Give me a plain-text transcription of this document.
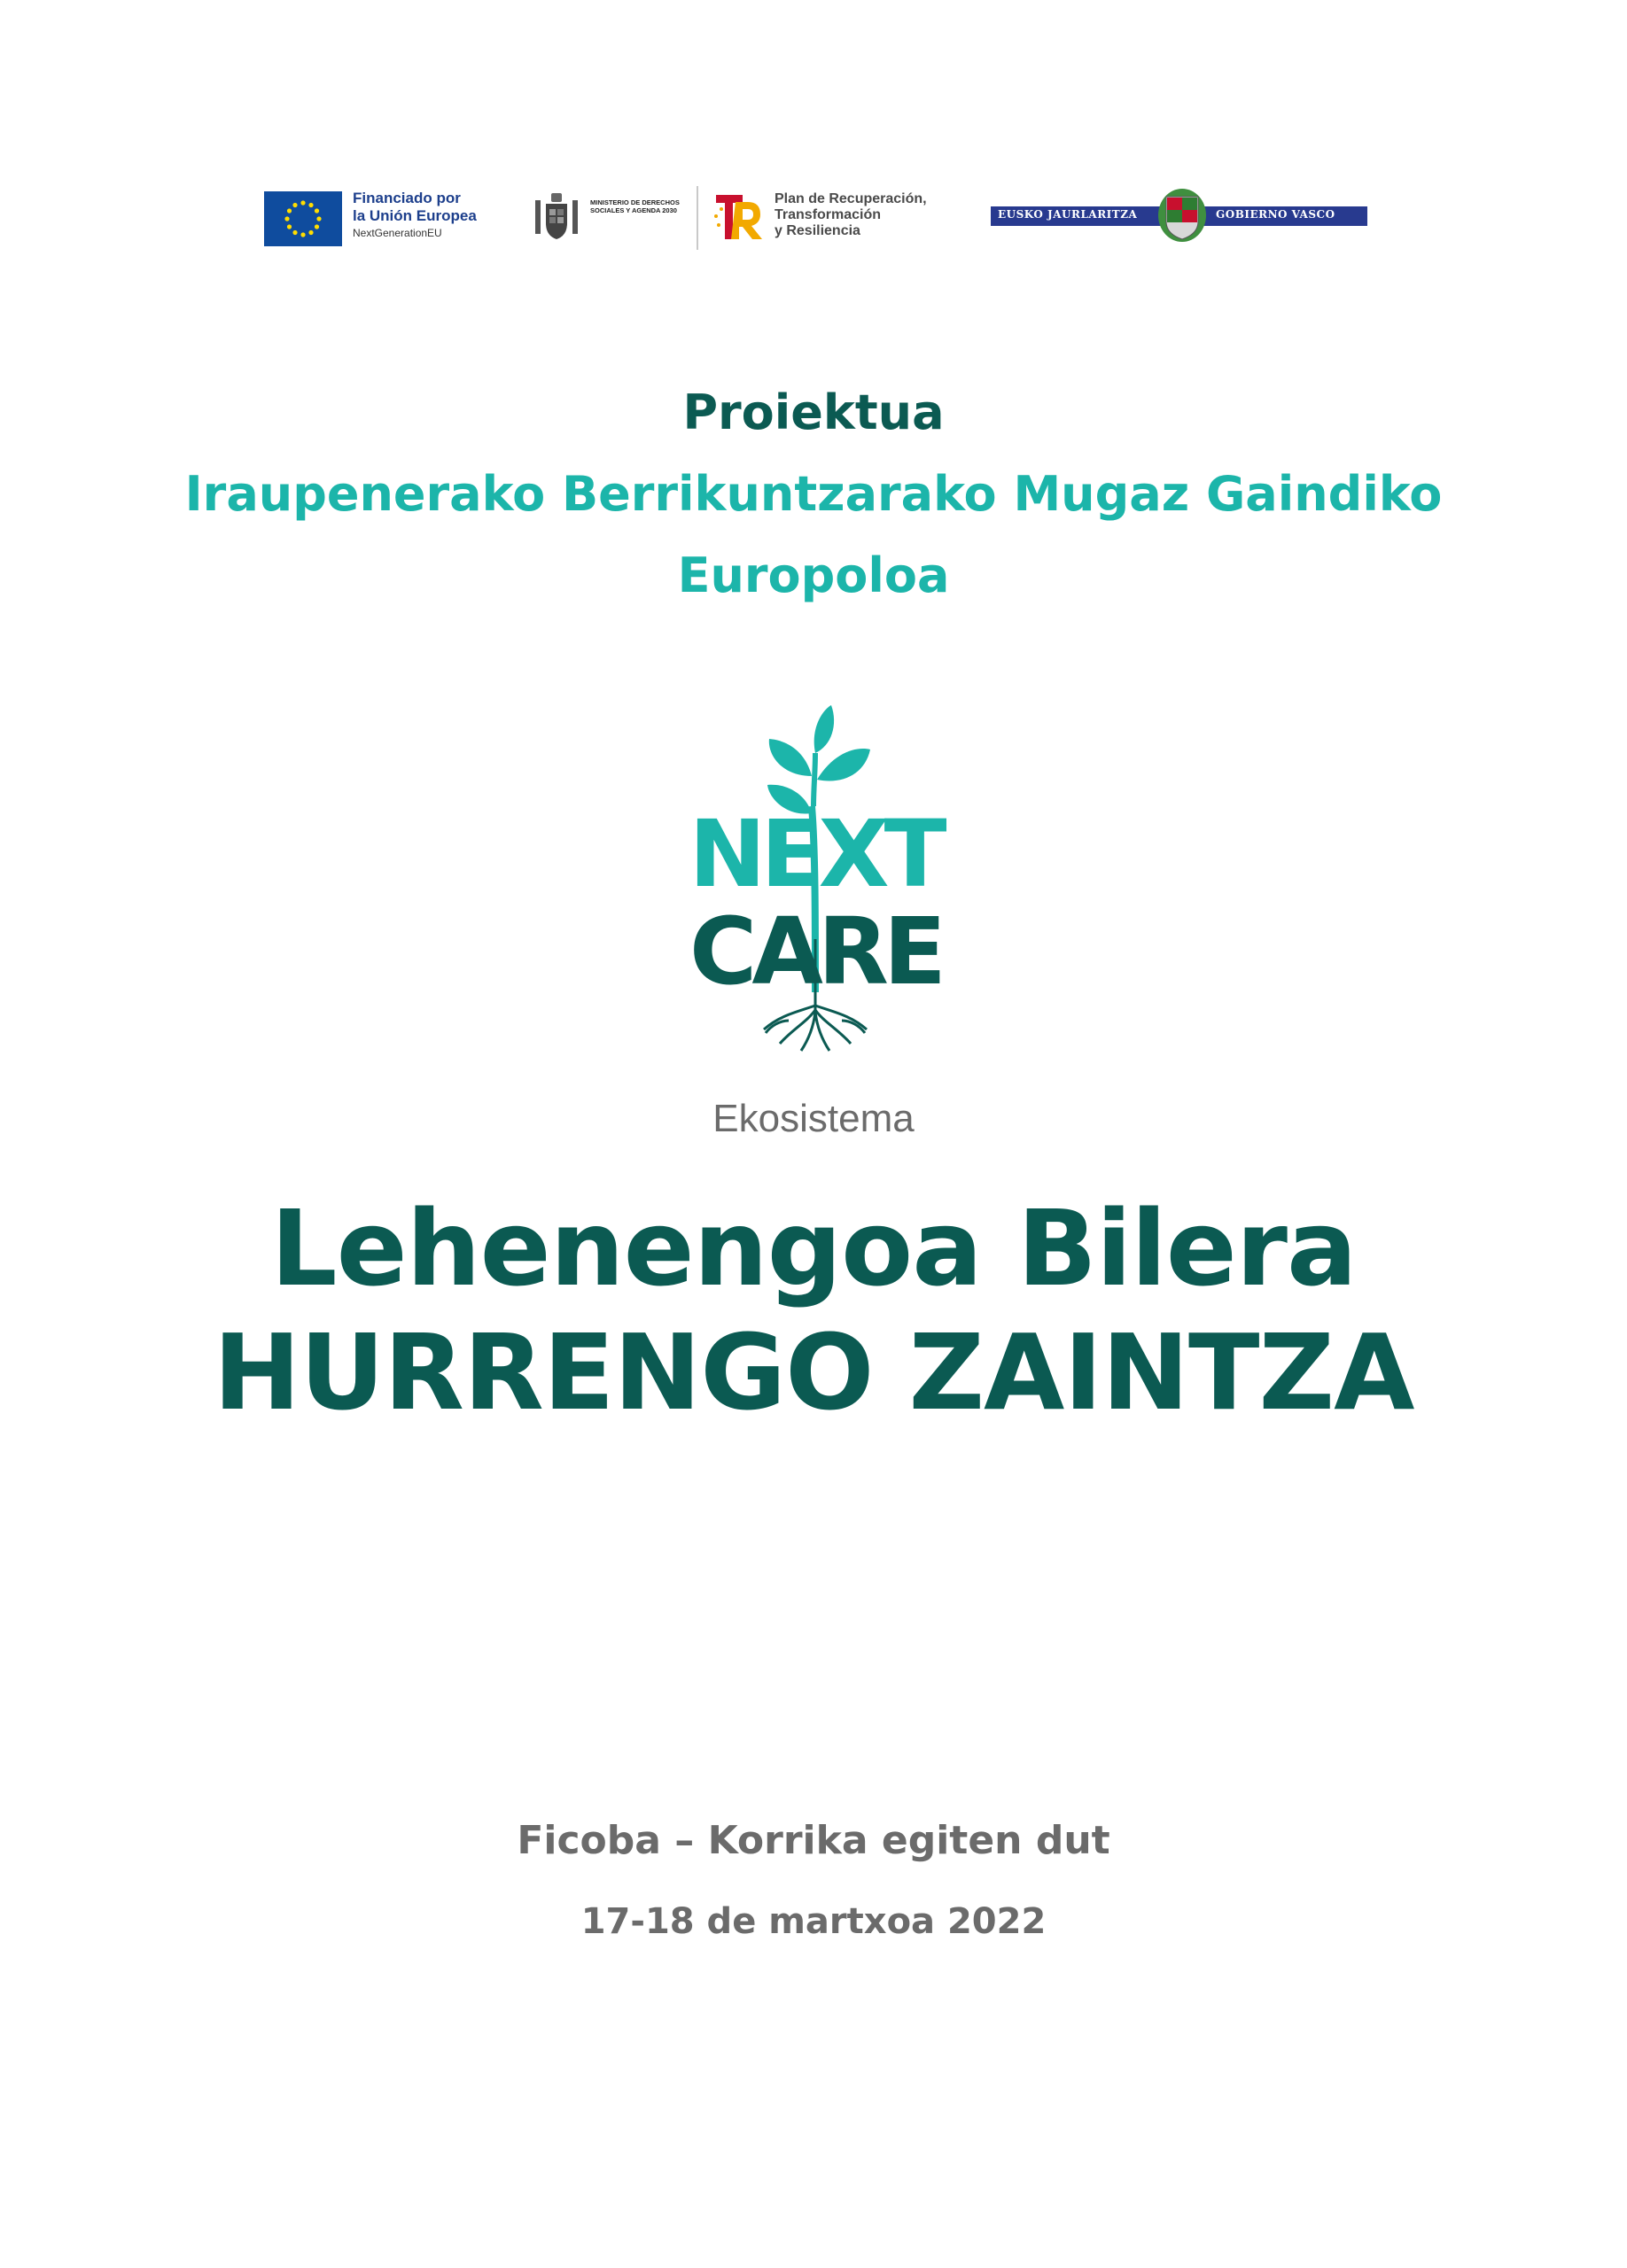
Financiado por
la Unión Europea
NextGenerationEU
MINISTERIO DE DERECHOS SOCIALES Y AGENDA 2030
Plan de Recuperación,
Transformación
y Resiliencia
EUSKO JAURLARITZA	GOBIERNO VASCO
Proiektua
Iraupenerako Berrikuntzarako Mugaz Gaindiko
Europoloa
NEXT
CARE
Ekosistema
Lehenengoa Bilera
HURRENGO ZAINTZA
Ficoba – Korrika egiten dut
17-18 de martxoa 2022
